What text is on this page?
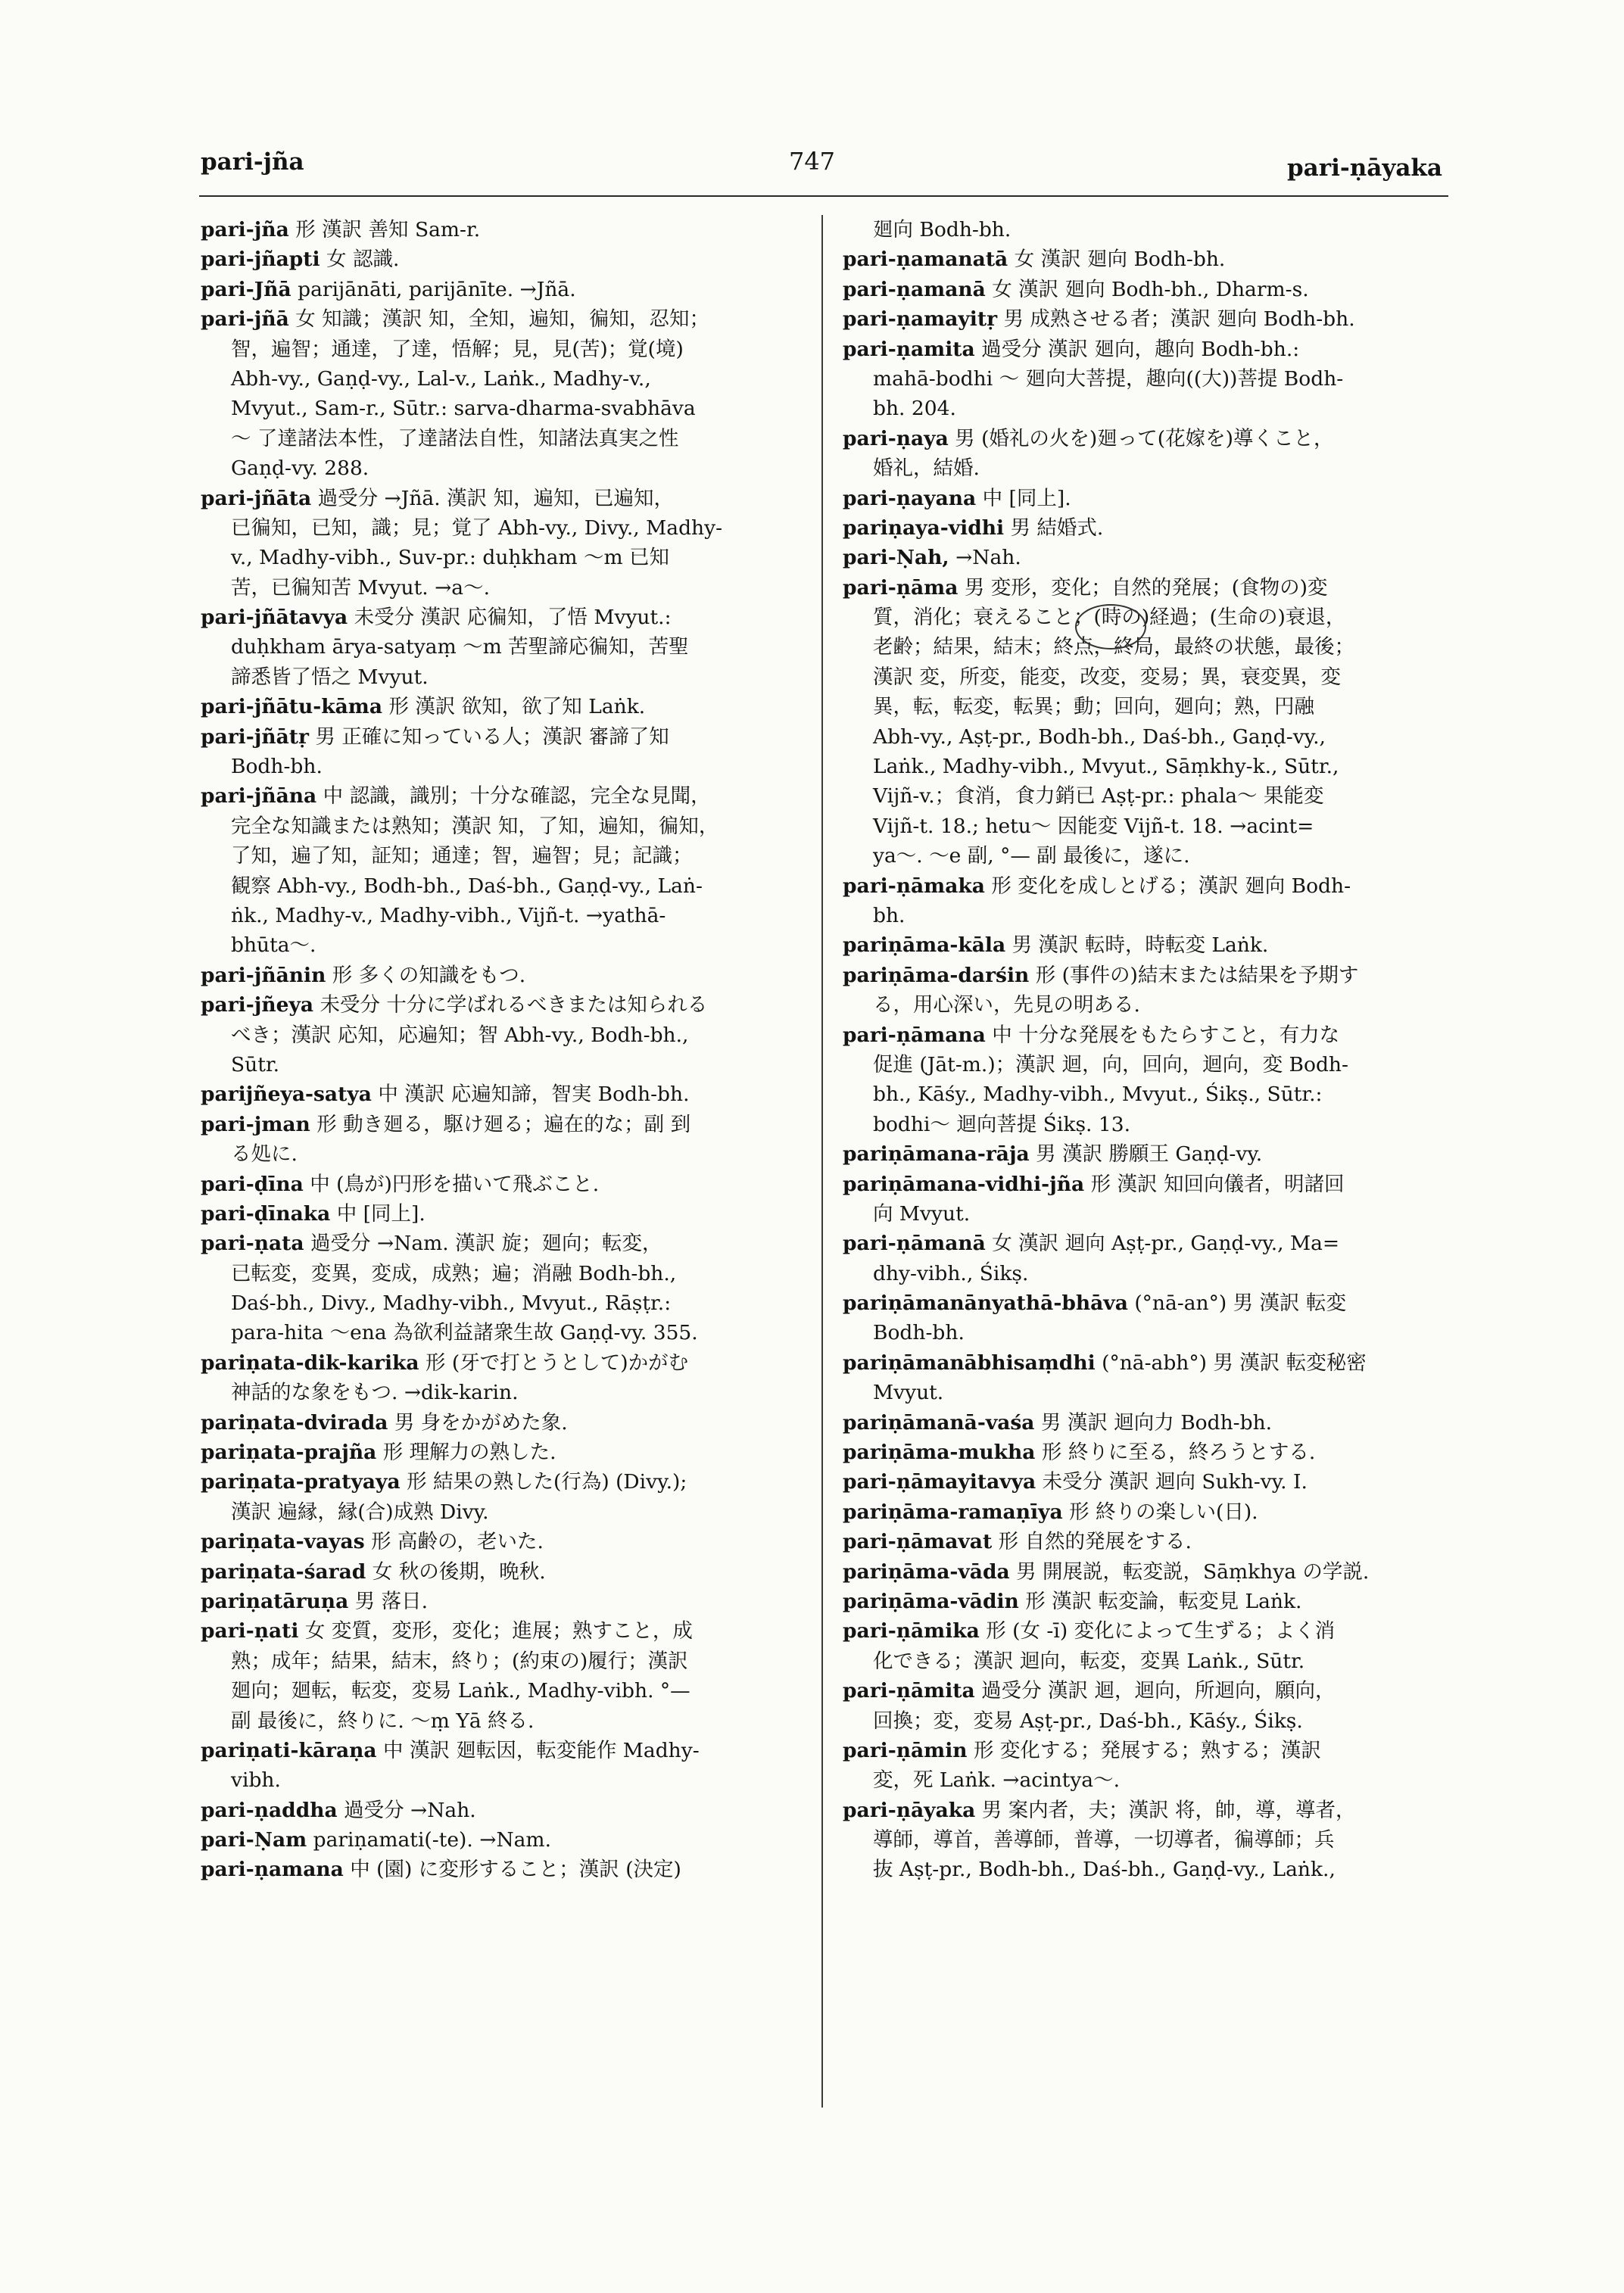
pari-jña	747	pari-ṇāyaka
pari-jña 形 漢訳 善知 Sam-r.
pari-jñapti 女 認識.
pari-Jñā parijānāti, parijānīte. →Jñā.
pari-jñā 女 知識；漢訳 知，全知，遍知，徧知，忍知；
智，遍智；通達，了達，悟解；見，見(苦)；覚(境)
Abh-vy., Gaṇḍ-vy., Lal-v., Laṅk., Madhy-v.,
Mvyut., Sam-r., Sūtr.: sarva-dharma-svabhāva
～ 了達諸法本性，了達諸法自性，知諸法真実之性
Gaṇḍ-vy. 288.
pari-jñāta 過受分 →Jñā. 漢訳 知，遍知，已遍知，
已徧知，已知，識；見；覚了 Abh-vy., Divy., Madhy-
v., Madhy-vibh., Suv-pr.: duḥkham ～m 已知
苦，已徧知苦 Mvyut. →a～.
pari-jñātavya 未受分 漢訳 応徧知，了悟 Mvyut.:
duḥkham ārya-satyaṃ ～m 苦聖諦応徧知，苦聖
諦悉皆了悟之 Mvyut.
pari-jñātu-kāma 形 漢訳 欲知，欲了知 Laṅk.
pari-jñātṛ 男 正確に知っている人；漢訳 審諦了知
Bodh-bh.
pari-jñāna 中 認識，識別；十分な確認，完全な見聞，
完全な知識または熟知；漢訳 知，了知，遍知，徧知，
了知，遍了知，証知；通達；智，遍智；見；記識；
観察 Abh-vy., Bodh-bh., Daś-bh., Gaṇḍ-vy., Laṅ-
ṅk., Madhy-v., Madhy-vibh., Vijñ-t. →yathā-
bhūta～.
pari-jñānin 形 多くの知識をもつ.
pari-jñeya 未受分 十分に学ばれるべきまたは知られる
べき；漢訳 応知，応遍知；智 Abh-vy., Bodh-bh.,
Sūtr.
parijñeya-satya 中 漢訳 応遍知諦，智実 Bodh-bh.
pari-jman 形 動き廻る，駆け廻る；遍在的な；副 到
る処に.
pari-ḍīna 中 (鳥が)円形を描いて飛ぶこと.
pari-ḍīnaka 中 [同上].
pari-ṇata 過受分 →Nam. 漢訳 旋；廻向；転変，
已転変，変異，変成，成熟；遍；消融 Bodh-bh.,
Daś-bh., Divy., Madhy-vibh., Mvyut., Rāṣṭr.:
para-hita ～ena 為欲利益諸衆生故 Gaṇḍ-vy. 355.
pariṇata-dik-karika 形 (牙で打とうとして)かがむ
神話的な象をもつ. →dik-karin.
pariṇata-dvirada 男 身をかがめた象.
pariṇata-prajña 形 理解力の熟した.
pariṇata-pratyaya 形 結果の熟した(行為) (Divy.);
漢訳 遍縁，縁(合)成熟 Divy.
pariṇata-vayas 形 高齢の，老いた.
pariṇata-śarad 女 秋の後期，晩秋.
pariṇatāruṇa 男 落日.
pari-ṇati 女 変質，変形，変化；進展；熟すこと，成
熟；成年；結果，結末，終り；(約束の)履行；漢訳
廻向；廻転，転変，変易 Laṅk., Madhy-vibh. °—
副 最後に，終りに. ～ṃ Yā 終る.
pariṇati-kāraṇa 中 漢訳 廻転因，転変能作 Madhy-
vibh.
pari-ṇaddha 過受分 →Nah.
pari-Ṇam pariṇamati(-te). →Nam.
pari-ṇamana 中 (園) に変形すること；漢訳 (決定)
廻向 Bodh-bh.
pari-ṇamanatā 女 漢訳 廻向 Bodh-bh.
pari-ṇamanā 女 漢訳 廻向 Bodh-bh., Dharm-s.
pari-ṇamayitṛ 男 成熟させる者；漢訳 廻向 Bodh-bh.
pari-ṇamita 過受分 漢訳 廻向，趣向 Bodh-bh.:
mahā-bodhi ～ 廻向大菩提，趣向((大))菩提 Bodh-
bh. 204.
pari-ṇaya 男 (婚礼の火を)廻って(花嫁を)導くこと，
婚礼，結婚.
pari-ṇayana 中 [同上].
pariṇaya-vidhi 男 結婚式.
pari-Ṇah, →Nah.
pari-ṇāma 男 変形，変化；自然的発展；(食物の)変
質，消化；衰えること；(時の)経過；(生命の)衰退，
老齢；結果，結末；終点，終局，最終の状態，最後；
漢訳 変，所変，能変，改変，変易；異，衰変異，変
異，転，転変，転異；動；回向，廻向；熟，円融
Abh-vy., Aṣṭ-pr., Bodh-bh., Daś-bh., Gaṇḍ-vy.,
Laṅk., Madhy-vibh., Mvyut., Sāṃkhy-k., Sūtr.,
Vijñ-v.；食消，食力銷已 Aṣṭ-pr.: phala～ 果能変
Vijñ-t. 18.; hetu～ 因能変 Vijñ-t. 18. →acint=
ya～. ～e 副, °— 副 最後に，遂に.
pari-ṇāmaka 形 変化を成しとげる；漢訳 廻向 Bodh-
bh.
pariṇāma-kāla 男 漢訳 転時，時転変 Laṅk.
pariṇāma-darśin 形 (事件の)結末または結果を予期す
る，用心深い，先見の明ある.
pari-ṇāmana 中 十分な発展をもたらすこと，有力な
促進 (Jāt-m.)；漢訳 迴，向，回向，迴向，変 Bodh-
bh., Kāśy., Madhy-vibh., Mvyut., Śikṣ., Sūtr.:
bodhi～ 迴向菩提 Śikṣ. 13.
pariṇāmana-rāja 男 漢訳 勝願王 Gaṇḍ-vy.
pariṇāmana-vidhi-jña 形 漢訳 知回向儀者，明諸回
向 Mvyut.
pari-ṇāmanā 女 漢訳 迴向 Aṣṭ-pr., Gaṇḍ-vy., Ma=
dhy-vibh., Śikṣ.
pariṇāmanānyathā-bhāva (°nā-an°) 男 漢訳 転変
Bodh-bh.
pariṇāmanābhisaṃdhi (°nā-abh°) 男 漢訳 転変秘密
Mvyut.
pariṇāmanā-vaśa 男 漢訳 迴向力 Bodh-bh.
pariṇāma-mukha 形 終りに至る，終ろうとする.
pari-ṇāmayitavya 未受分 漢訳 迴向 Sukh-vy. I.
pariṇāma-ramaṇīya 形 終りの楽しい(日).
pari-ṇāmavat 形 自然的発展をする.
pariṇāma-vāda 男 開展説，転変説，Sāṃkhya の学説.
pariṇāma-vādin 形 漢訳 転変論，転変見 Laṅk.
pari-ṇāmika 形 (女 -ī) 変化によって生ずる；よく消
化できる；漢訳 迴向，転変，変異 Laṅk., Sūtr.
pari-ṇāmita 過受分 漢訳 迴，迴向，所迴向，願向，
回換；変，変易 Aṣṭ-pr., Daś-bh., Kāśy., Śikṣ.
pari-ṇāmin 形 変化する；発展する；熟する；漢訳
変，死 Laṅk. →acintya～.
pari-ṇāyaka 男 案内者，夫；漢訳 将，帥，導，導者，
導師，導首，善導師，普導，一切導者，徧導師；兵
抜 Aṣṭ-pr., Bodh-bh., Daś-bh., Gaṇḍ-vy., Laṅk.,
